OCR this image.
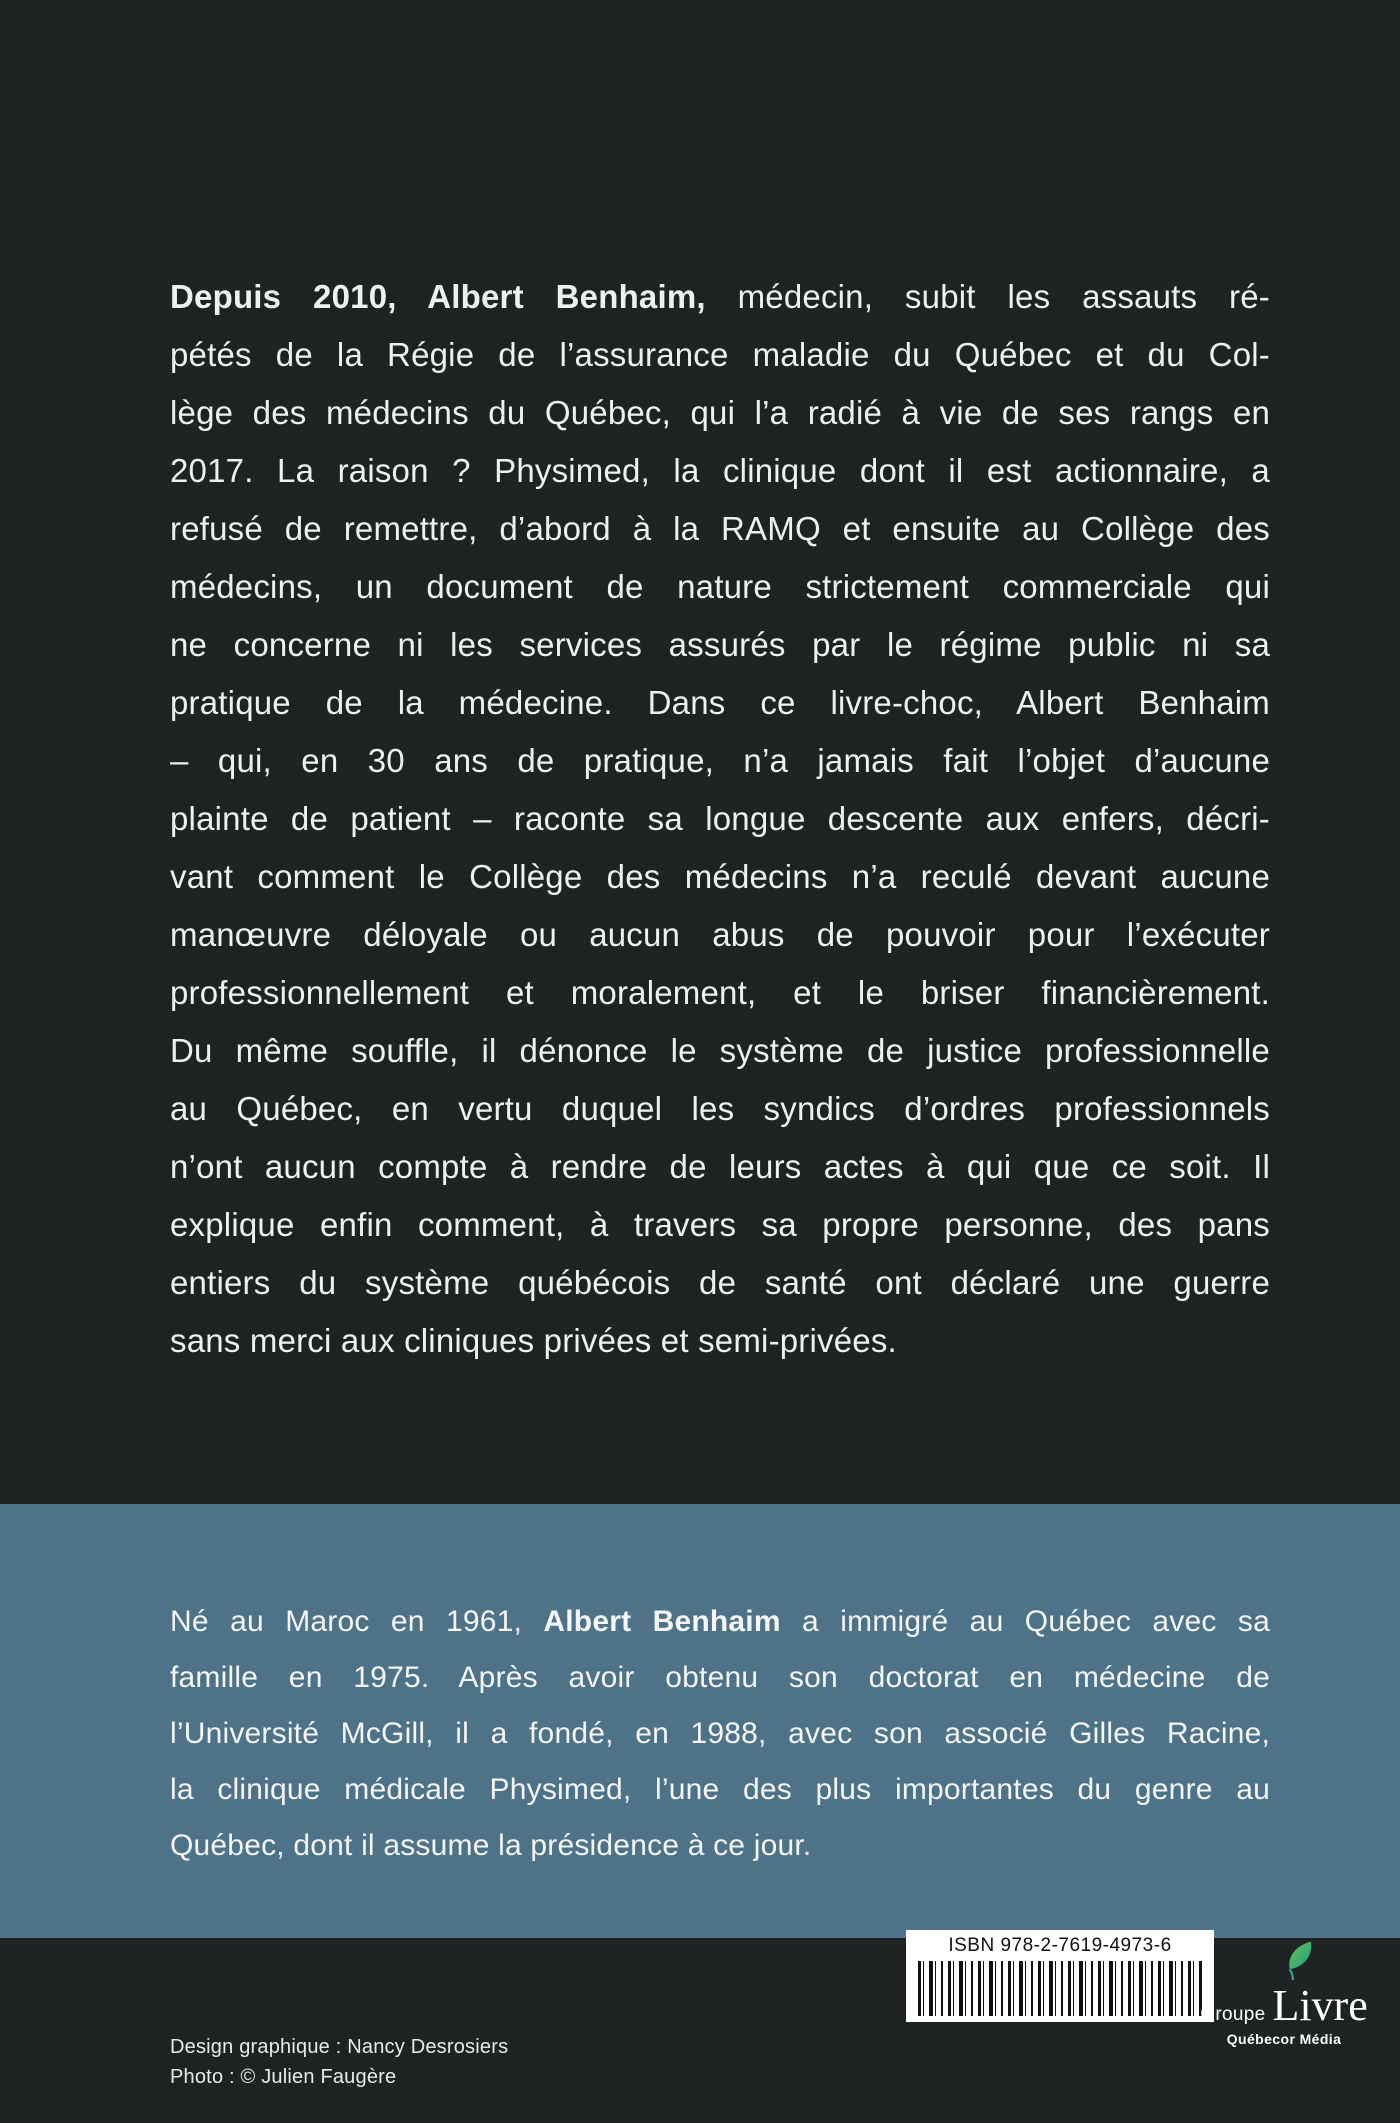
Depuis 2010, Albert Benhaim, médecin, subit les assauts ré-
pétés de la Régie de l’assurance maladie du Québec et du Col-
lège des médecins du Québec, qui l’a radié à vie de ses rangs en
2017. La raison ? Physimed, la clinique dont il est actionnaire, a
refusé de remettre, d’abord à la RAMQ et ensuite au Collège des
médecins, un document de nature strictement commerciale qui
ne concerne ni les services assurés par le régime public ni sa
pratique de la médecine. Dans ce livre-choc, Albert Benhaim
– qui, en 30 ans de pratique, n’a jamais fait l’objet d’aucune
plainte de patient – raconte sa longue descente aux enfers, décri-
vant comment le Collège des médecins n’a reculé devant aucune
manœuvre déloyale ou aucun abus de pouvoir pour l’exécuter
professionnellement et moralement, et le briser financièrement.
Du même souffle, il dénonce le système de justice professionnelle
au Québec, en vertu duquel les syndics d’ordres professionnels
n’ont aucun compte à rendre de leurs actes à qui que ce soit. Il
explique enfin comment, à travers sa propre personne, des pans
entiers du système québécois de santé ont déclaré une guerre
sans merci aux cliniques privées et semi-privées.
Né au Maroc en 1961, Albert Benhaim a immigré au Québec avec sa
famille en 1975. Après avoir obtenu son doctorat en médecine de
l’Université McGill, il a fondé, en 1988, avec son associé Gilles Racine,
la clinique médicale Physimed, l’une des plus importantes du genre au
Québec, dont il assume la présidence à ce jour.
Design graphique : Nancy Desrosiers
Photo : © Julien Faugère
ISBN 978-2-7619-4973-6
Groupe Livre
Québecor Média
